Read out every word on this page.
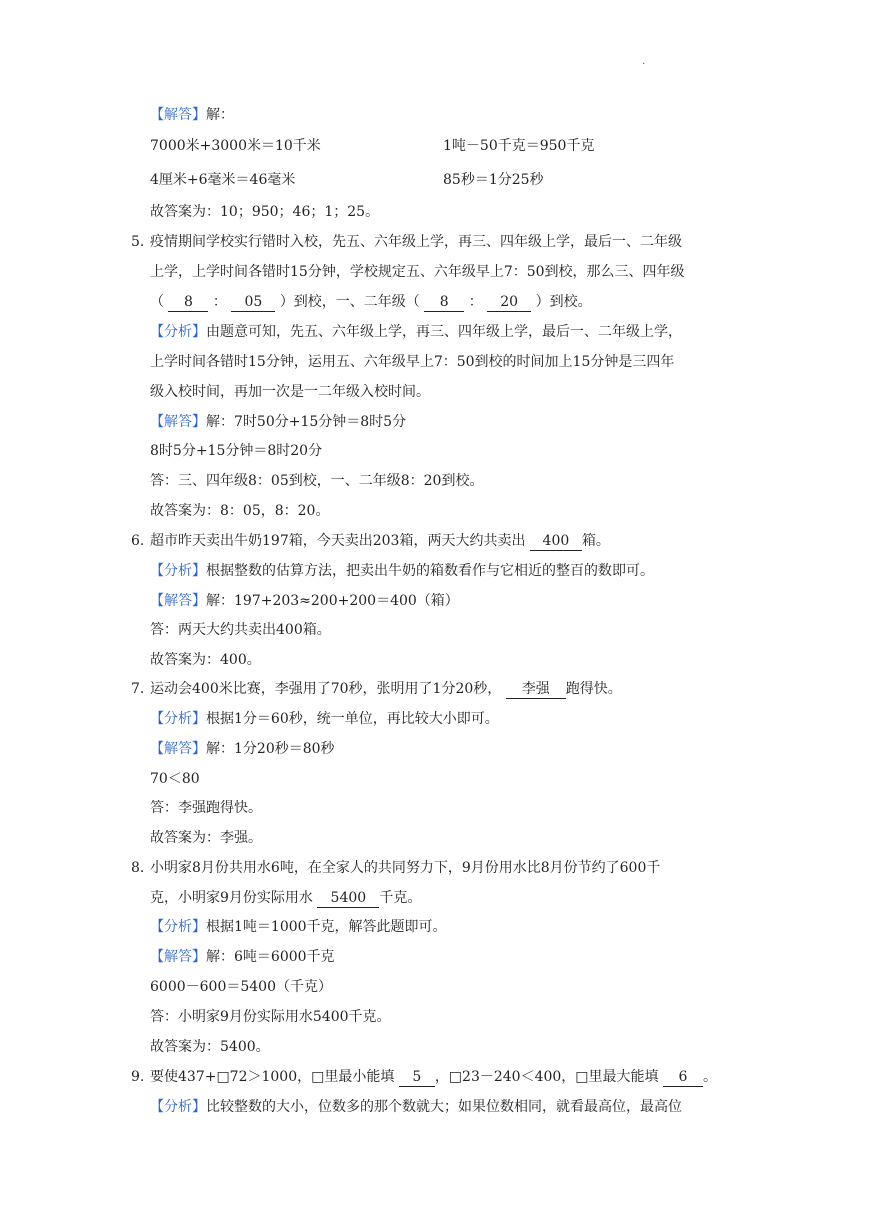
.
【解答】解：
7000米+3000米＝10千米	1吨－50千克＝950千克
4厘米+6毫米＝46毫米	85秒＝1分25秒
故答案为：10；950；46；1；25。
5. 疫情期间学校实行错时入校，先五、六年级上学，再三、四年级上学，最后一、二年级
上学，上学时间各错时15分钟，学校规定五、六年级早上7：50到校，那么三、四年级
（ 8 ： 05 ）到校，一、二年级（ 8 ： 20 ）到校。
【分析】由题意可知，先五、六年级上学，再三、四年级上学，最后一、二年级上学，
上学时间各错时15分钟，运用五、六年级早上7：50到校的时间加上15分钟是三四年
级入校时间，再加一次是一二年级入校时间。
【解答】解：7时50分+15分钟＝8时5分
8时5分+15分钟＝8时20分
答：三、四年级8：05到校，一、二年级8：20到校。
故答案为：8：05，8：20。
6. 超市昨天卖出牛奶197箱，今天卖出203箱，两天大约共卖出 400 箱。
【分析】根据整数的估算方法，把卖出牛奶的箱数看作与它相近的整百的数即可。
【解答】解：197+203≈200+200＝400（箱）
答：两天大约共卖出400箱。
故答案为：400。
7. 运动会400米比赛，李强用了70秒，张明用了1分20秒， 李强 跑得快。
【分析】根据1分＝60秒，统一单位，再比较大小即可。
【解答】解：1分20秒＝80秒
70＜80
答：李强跑得快。
故答案为：李强。
8. 小明家8月份共用水6吨，在全家人的共同努力下，9月份用水比8月份节约了600千
克，小明家9月份实际用水 5400 千克。
【分析】根据1吨＝1000千克，解答此题即可。
【解答】解：6吨＝6000千克
6000－600＝5400（千克）
答：小明家9月份实际用水5400千克。
故答案为：5400。
9. 要使437+□72＞1000，□里最小能填 5 ，□23－240＜400，□里最大能填 6 。
【分析】比较整数的大小，位数多的那个数就大；如果位数相同，就看最高位，最高位
